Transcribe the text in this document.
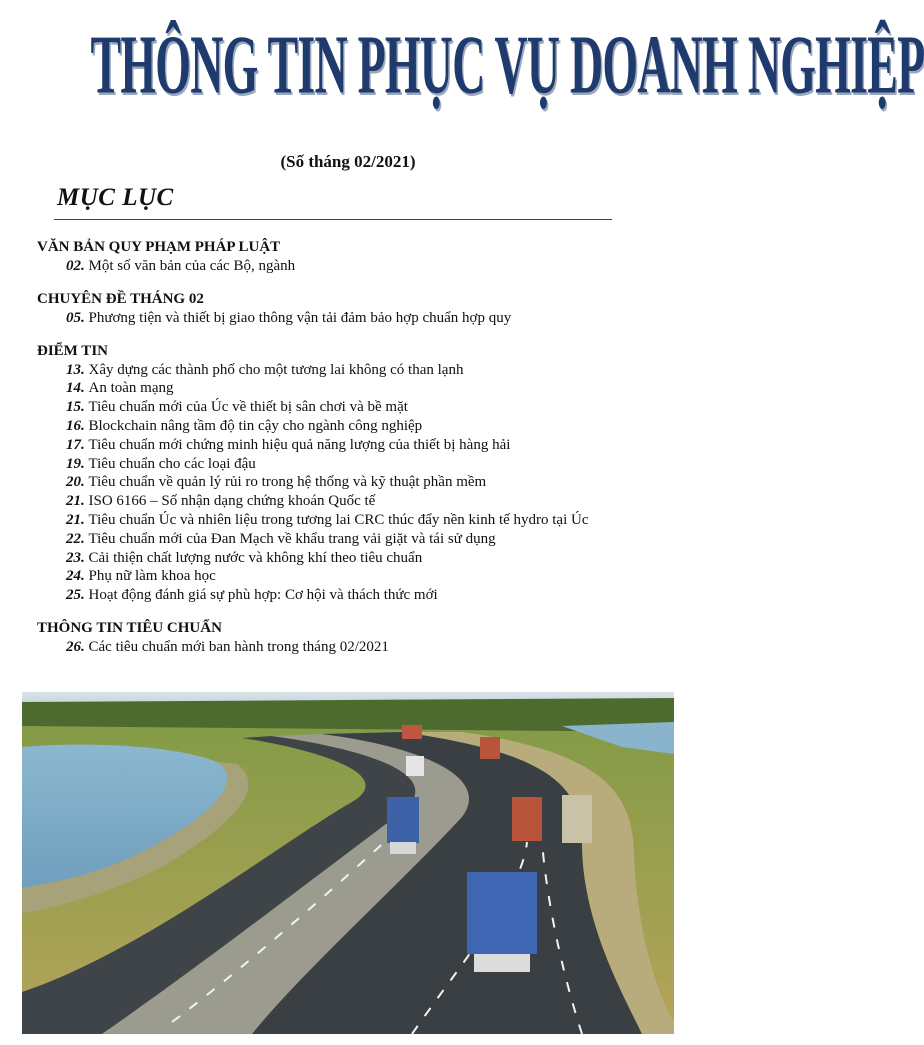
THÔNG TIN PHỤC VỤ DOANH NGHIỆP
(Số tháng 02/2021)
MỤC LỤC
VĂN BẢN QUY PHẠM PHÁP LUẬT
02. Một số văn bản của các Bộ, ngành
CHUYÊN ĐỀ THÁNG 02
05. Phương tiện và thiết bị giao thông vận tải đảm bảo hợp chuẩn hợp quy
ĐIỂM TIN
13. Xây dựng các thành phố cho một tương lai không có than lạnh
14. An toàn mạng
15. Tiêu chuẩn mới của Úc về thiết bị sân chơi và bề mặt
16. Blockchain nâng tầm độ tin cậy cho ngành công nghiệp
17. Tiêu chuẩn mới chứng minh hiệu quả năng lượng của thiết bị hàng hải
19. Tiêu chuẩn cho các loại đậu
20. Tiêu chuẩn về quản lý rủi ro trong hệ thống và kỹ thuật phần mềm
21. ISO 6166 – Số nhận dạng chứng khoán Quốc tế
21. Tiêu chuẩn Úc và nhiên liệu trong tương lai CRC thúc đẩy nền kinh tế hydro tại Úc
22. Tiêu chuẩn mới của Đan Mạch về khẩu trang vải giặt và tái sử dụng
23. Cải thiện chất lượng nước và không khí theo tiêu chuẩn
24. Phụ nữ làm khoa học
25. Hoạt động đánh giá sự phù hợp: Cơ hội và thách thức mới
THÔNG TIN TIÊU CHUẨN
26. Các tiêu chuẩn mới ban hành trong tháng 02/2021
